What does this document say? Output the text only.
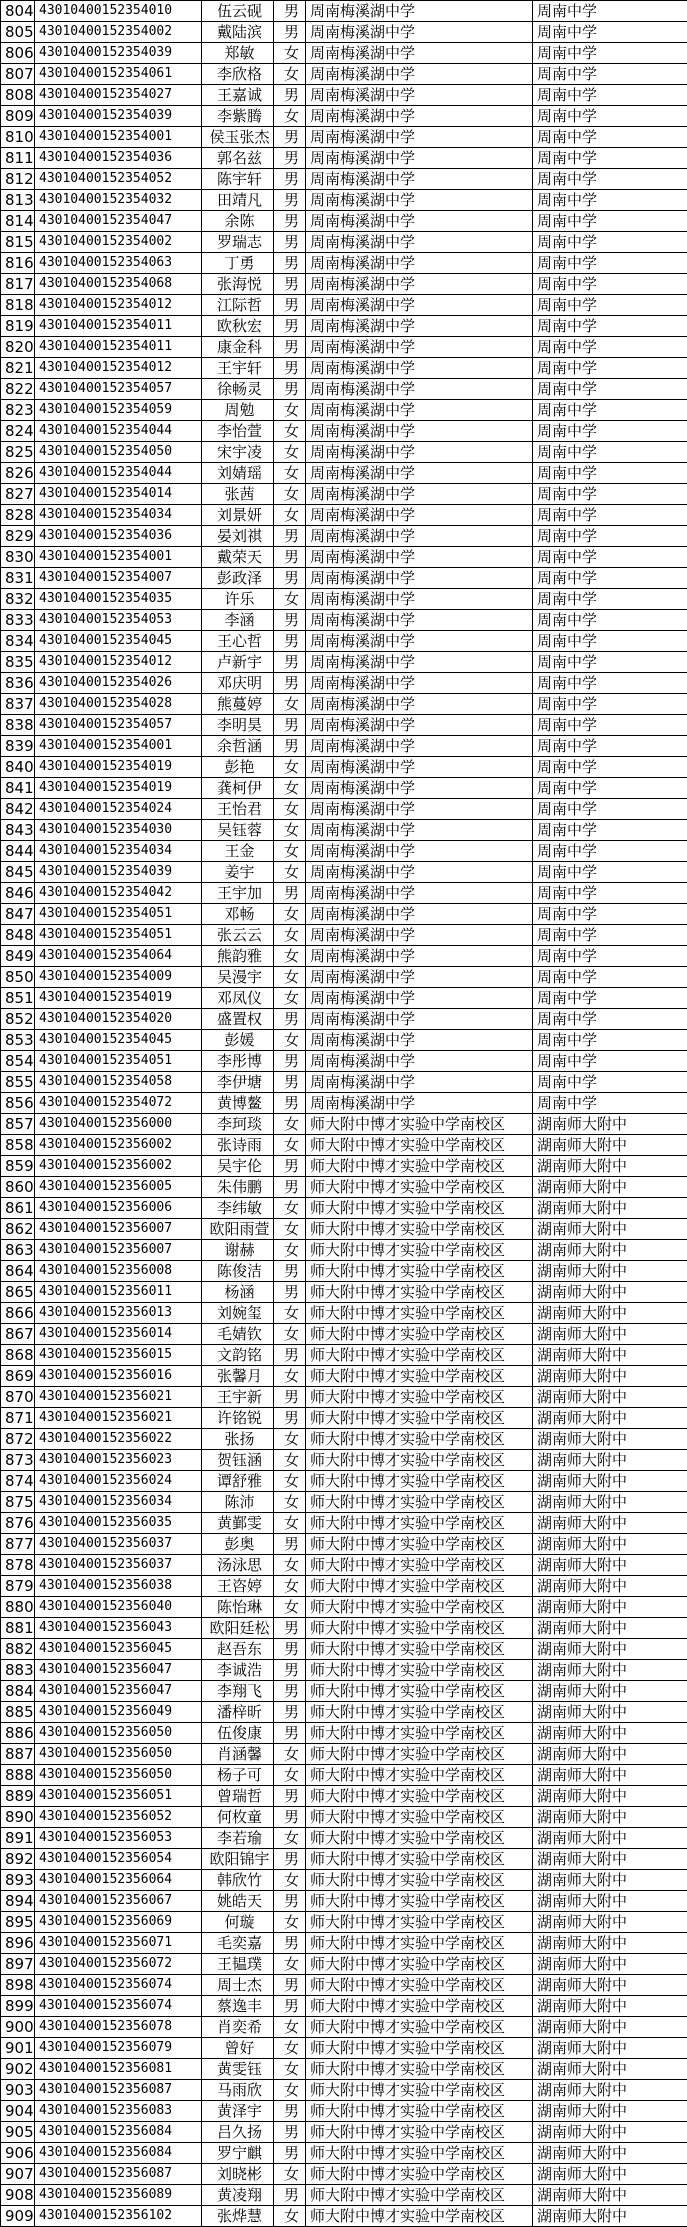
804	43010400152354010	伍云砚	男	周南梅溪湖中学	周南中学
805	43010400152354002	戴陆滨	男	周南梅溪湖中学	周南中学
806	43010400152354039	郑敏	女	周南梅溪湖中学	周南中学
807	43010400152354061	李欣格	女	周南梅溪湖中学	周南中学
808	43010400152354027	王嘉诚	男	周南梅溪湖中学	周南中学
809	43010400152354039	李紫腾	女	周南梅溪湖中学	周南中学
810	43010400152354001	侯玉张杰	男	周南梅溪湖中学	周南中学
811	43010400152354036	郭名兹	男	周南梅溪湖中学	周南中学
812	43010400152354052	陈宇轩	男	周南梅溪湖中学	周南中学
813	43010400152354032	田靖凡	男	周南梅溪湖中学	周南中学
814	43010400152354047	余陈	男	周南梅溪湖中学	周南中学
815	43010400152354002	罗瑞志	男	周南梅溪湖中学	周南中学
816	43010400152354063	丁勇	男	周南梅溪湖中学	周南中学
817	43010400152354068	张海悦	男	周南梅溪湖中学	周南中学
818	43010400152354012	江际哲	男	周南梅溪湖中学	周南中学
819	43010400152354011	欧秋宏	男	周南梅溪湖中学	周南中学
820	43010400152354011	康金科	男	周南梅溪湖中学	周南中学
821	43010400152354012	王宇轩	男	周南梅溪湖中学	周南中学
822	43010400152354057	徐畅灵	男	周南梅溪湖中学	周南中学
823	43010400152354059	周勉	女	周南梅溪湖中学	周南中学
824	43010400152354044	李怡萱	女	周南梅溪湖中学	周南中学
825	43010400152354050	宋宇凌	女	周南梅溪湖中学	周南中学
826	43010400152354044	刘婧瑶	女	周南梅溪湖中学	周南中学
827	43010400152354014	张茜	女	周南梅溪湖中学	周南中学
828	43010400152354034	刘景妍	女	周南梅溪湖中学	周南中学
829	43010400152354036	晏刘祺	男	周南梅溪湖中学	周南中学
830	43010400152354001	戴荣天	男	周南梅溪湖中学	周南中学
831	43010400152354007	彭政泽	男	周南梅溪湖中学	周南中学
832	43010400152354035	许乐	女	周南梅溪湖中学	周南中学
833	43010400152354053	李涵	男	周南梅溪湖中学	周南中学
834	43010400152354045	王心哲	男	周南梅溪湖中学	周南中学
835	43010400152354012	卢新宇	男	周南梅溪湖中学	周南中学
836	43010400152354026	邓庆明	男	周南梅溪湖中学	周南中学
837	43010400152354028	熊蔓婷	女	周南梅溪湖中学	周南中学
838	43010400152354057	李明昊	男	周南梅溪湖中学	周南中学
839	43010400152354001	余哲涵	男	周南梅溪湖中学	周南中学
840	43010400152354019	彭艳	女	周南梅溪湖中学	周南中学
841	43010400152354019	龚柯伊	女	周南梅溪湖中学	周南中学
842	43010400152354024	王怡君	女	周南梅溪湖中学	周南中学
843	43010400152354030	吴钰蓉	女	周南梅溪湖中学	周南中学
844	43010400152354034	王金	女	周南梅溪湖中学	周南中学
845	43010400152354039	姜宇	女	周南梅溪湖中学	周南中学
846	43010400152354042	王宇加	男	周南梅溪湖中学	周南中学
847	43010400152354051	邓畅	女	周南梅溪湖中学	周南中学
848	43010400152354051	张云云	女	周南梅溪湖中学	周南中学
849	43010400152354064	熊韵雅	女	周南梅溪湖中学	周南中学
850	43010400152354009	吴漫宇	女	周南梅溪湖中学	周南中学
851	43010400152354019	邓凤仪	女	周南梅溪湖中学	周南中学
852	43010400152354020	盛置权	男	周南梅溪湖中学	周南中学
853	43010400152354045	彭媛	女	周南梅溪湖中学	周南中学
854	43010400152354051	李彤博	男	周南梅溪湖中学	周南中学
855	43010400152354058	李伊塘	男	周南梅溪湖中学	周南中学
856	43010400152354072	黄博鳌	男	周南梅溪湖中学	周南中学
857	43010400152356000	李珂琰	女	师大附中博才实验中学南校区	湖南师大附中
858	43010400152356002	张诗雨	女	师大附中博才实验中学南校区	湖南师大附中
859	43010400152356002	吴宇伦	男	师大附中博才实验中学南校区	湖南师大附中
860	43010400152356005	朱伟鹏	男	师大附中博才实验中学南校区	湖南师大附中
861	43010400152356006	李纬敏	女	师大附中博才实验中学南校区	湖南师大附中
862	43010400152356007	欧阳雨萱	女	师大附中博才实验中学南校区	湖南师大附中
863	43010400152356007	谢赫	女	师大附中博才实验中学南校区	湖南师大附中
864	43010400152356008	陈俊洁	男	师大附中博才实验中学南校区	湖南师大附中
865	43010400152356011	杨涵	男	师大附中博才实验中学南校区	湖南师大附中
866	43010400152356013	刘婉玺	女	师大附中博才实验中学南校区	湖南师大附中
867	43010400152356014	毛婧钦	女	师大附中博才实验中学南校区	湖南师大附中
868	43010400152356015	文韵铭	男	师大附中博才实验中学南校区	湖南师大附中
869	43010400152356016	张馨月	女	师大附中博才实验中学南校区	湖南师大附中
870	43010400152356021	王宇新	男	师大附中博才实验中学南校区	湖南师大附中
871	43010400152356021	许铭锐	男	师大附中博才实验中学南校区	湖南师大附中
872	43010400152356022	张扬	女	师大附中博才实验中学南校区	湖南师大附中
873	43010400152356023	贺钰涵	女	师大附中博才实验中学南校区	湖南师大附中
874	43010400152356024	谭舒雅	女	师大附中博才实验中学南校区	湖南师大附中
875	43010400152356034	陈沛	女	师大附中博才实验中学南校区	湖南师大附中
876	43010400152356035	黄鄞雯	女	师大附中博才实验中学南校区	湖南师大附中
877	43010400152356037	彭奥	男	师大附中博才实验中学南校区	湖南师大附中
878	43010400152356037	汤泳思	女	师大附中博才实验中学南校区	湖南师大附中
879	43010400152356038	王咨婷	女	师大附中博才实验中学南校区	湖南师大附中
880	43010400152356040	陈怡琳	女	师大附中博才实验中学南校区	湖南师大附中
881	43010400152356043	欧阳廷松	男	师大附中博才实验中学南校区	湖南师大附中
882	43010400152356045	赵吾东	男	师大附中博才实验中学南校区	湖南师大附中
883	43010400152356047	李诚浩	男	师大附中博才实验中学南校区	湖南师大附中
884	43010400152356047	李翔飞	男	师大附中博才实验中学南校区	湖南师大附中
885	43010400152356049	潘梓昕	男	师大附中博才实验中学南校区	湖南师大附中
886	43010400152356050	伍俊康	男	师大附中博才实验中学南校区	湖南师大附中
887	43010400152356050	肖涵馨	女	师大附中博才实验中学南校区	湖南师大附中
888	43010400152356050	杨子可	女	师大附中博才实验中学南校区	湖南师大附中
889	43010400152356051	曾瑞哲	男	师大附中博才实验中学南校区	湖南师大附中
890	43010400152356052	何枚童	男	师大附中博才实验中学南校区	湖南师大附中
891	43010400152356053	李若瑜	女	师大附中博才实验中学南校区	湖南师大附中
892	43010400152356054	欧阳锦宇	男	师大附中博才实验中学南校区	湖南师大附中
893	43010400152356064	韩欣竹	女	师大附中博才实验中学南校区	湖南师大附中
894	43010400152356067	姚皓天	男	师大附中博才实验中学南校区	湖南师大附中
895	43010400152356069	何璇	女	师大附中博才实验中学南校区	湖南师大附中
896	43010400152356071	毛奕嘉	男	师大附中博才实验中学南校区	湖南师大附中
897	43010400152356072	王韫璞	女	师大附中博才实验中学南校区	湖南师大附中
898	43010400152356074	周士杰	男	师大附中博才实验中学南校区	湖南师大附中
899	43010400152356074	蔡逸丰	男	师大附中博才实验中学南校区	湖南师大附中
900	43010400152356078	肖奕希	女	师大附中博才实验中学南校区	湖南师大附中
901	43010400152356079	曾好	女	师大附中博才实验中学南校区	湖南师大附中
902	43010400152356081	黄雯钰	女	师大附中博才实验中学南校区	湖南师大附中
903	43010400152356087	马雨欣	女	师大附中博才实验中学南校区	湖南师大附中
904	43010400152356083	黄泽宇	男	师大附中博才实验中学南校区	湖南师大附中
905	43010400152356084	吕久扬	男	师大附中博才实验中学南校区	湖南师大附中
906	43010400152356084	罗宁麒	男	师大附中博才实验中学南校区	湖南师大附中
907	43010400152356087	刘晓彬	女	师大附中博才实验中学南校区	湖南师大附中
908	43010400152356089	黄凌翔	男	师大附中博才实验中学南校区	湖南师大附中
909	43010400152356102	张烨慧	女	师大附中博才实验中学南校区	湖南师大附中
